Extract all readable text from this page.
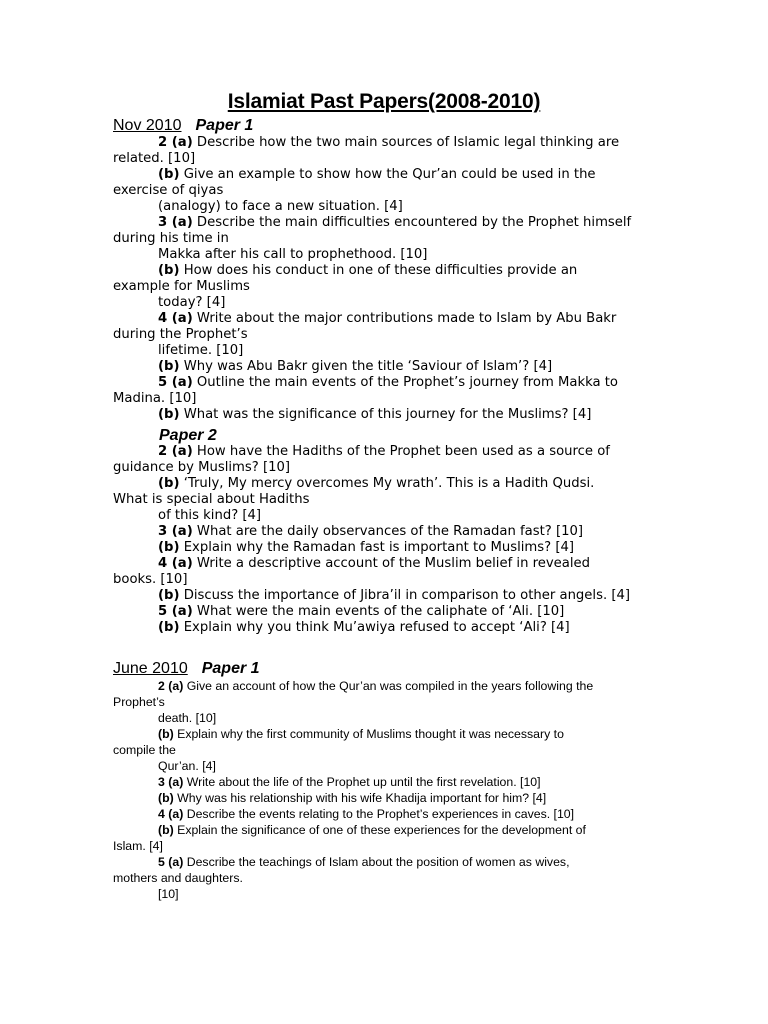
Islamiat Past Papers(2008-2010)
Nov 2010 Paper 1
2 (a) Describe how the two main sources of Islamic legal thinking are
related. [10]
(b) Give an example to show how the Qur’an could be used in the
exercise of qiyas
(analogy) to face a new situation. [4]
3 (a) Describe the main difficulties encountered by the Prophet himself
during his time in
Makka after his call to prophethood. [10]
(b) How does his conduct in one of these difficulties provide an
example for Muslims
today? [4]
4 (a) Write about the major contributions made to Islam by Abu Bakr
during the Prophet’s
lifetime. [10]
(b) Why was Abu Bakr given the title ‘Saviour of Islam’? [4]
5 (a) Outline the main events of the Prophet’s journey from Makka to
Madina. [10]
(b) What was the significance of this journey for the Muslims? [4]
Paper 2
2 (a) How have the Hadiths of the Prophet been used as a source of
guidance by Muslims? [10]
(b) ‘Truly, My mercy overcomes My wrath’. This is a Hadith Qudsi.
What is special about Hadiths
of this kind? [4]
3 (a) What are the daily observances of the Ramadan fast? [10]
(b) Explain why the Ramadan fast is important to Muslims? [4]
4 (a) Write a descriptive account of the Muslim belief in revealed
books. [10]
(b) Discuss the importance of Jibra’il in comparison to other angels. [4]
5 (a) What were the main events of the caliphate of ‘Ali. [10]
(b) Explain why you think Mu’awiya refused to accept ‘Ali? [4]
June 2010 Paper 1
2 (a) Give an account of how the Qur’an was compiled in the years following the
Prophet’s
death. [10]
(b) Explain why the first community of Muslims thought it was necessary to
compile the
Qur’an. [4]
3 (a) Write about the life of the Prophet up until the first revelation. [10]
(b) Why was his relationship with his wife Khadija important for him? [4]
4 (a) Describe the events relating to the Prophet’s experiences in caves. [10]
(b) Explain the significance of one of these experiences for the development of
Islam. [4]
5 (a) Describe the teachings of Islam about the position of women as wives,
mothers and daughters.
[10]
